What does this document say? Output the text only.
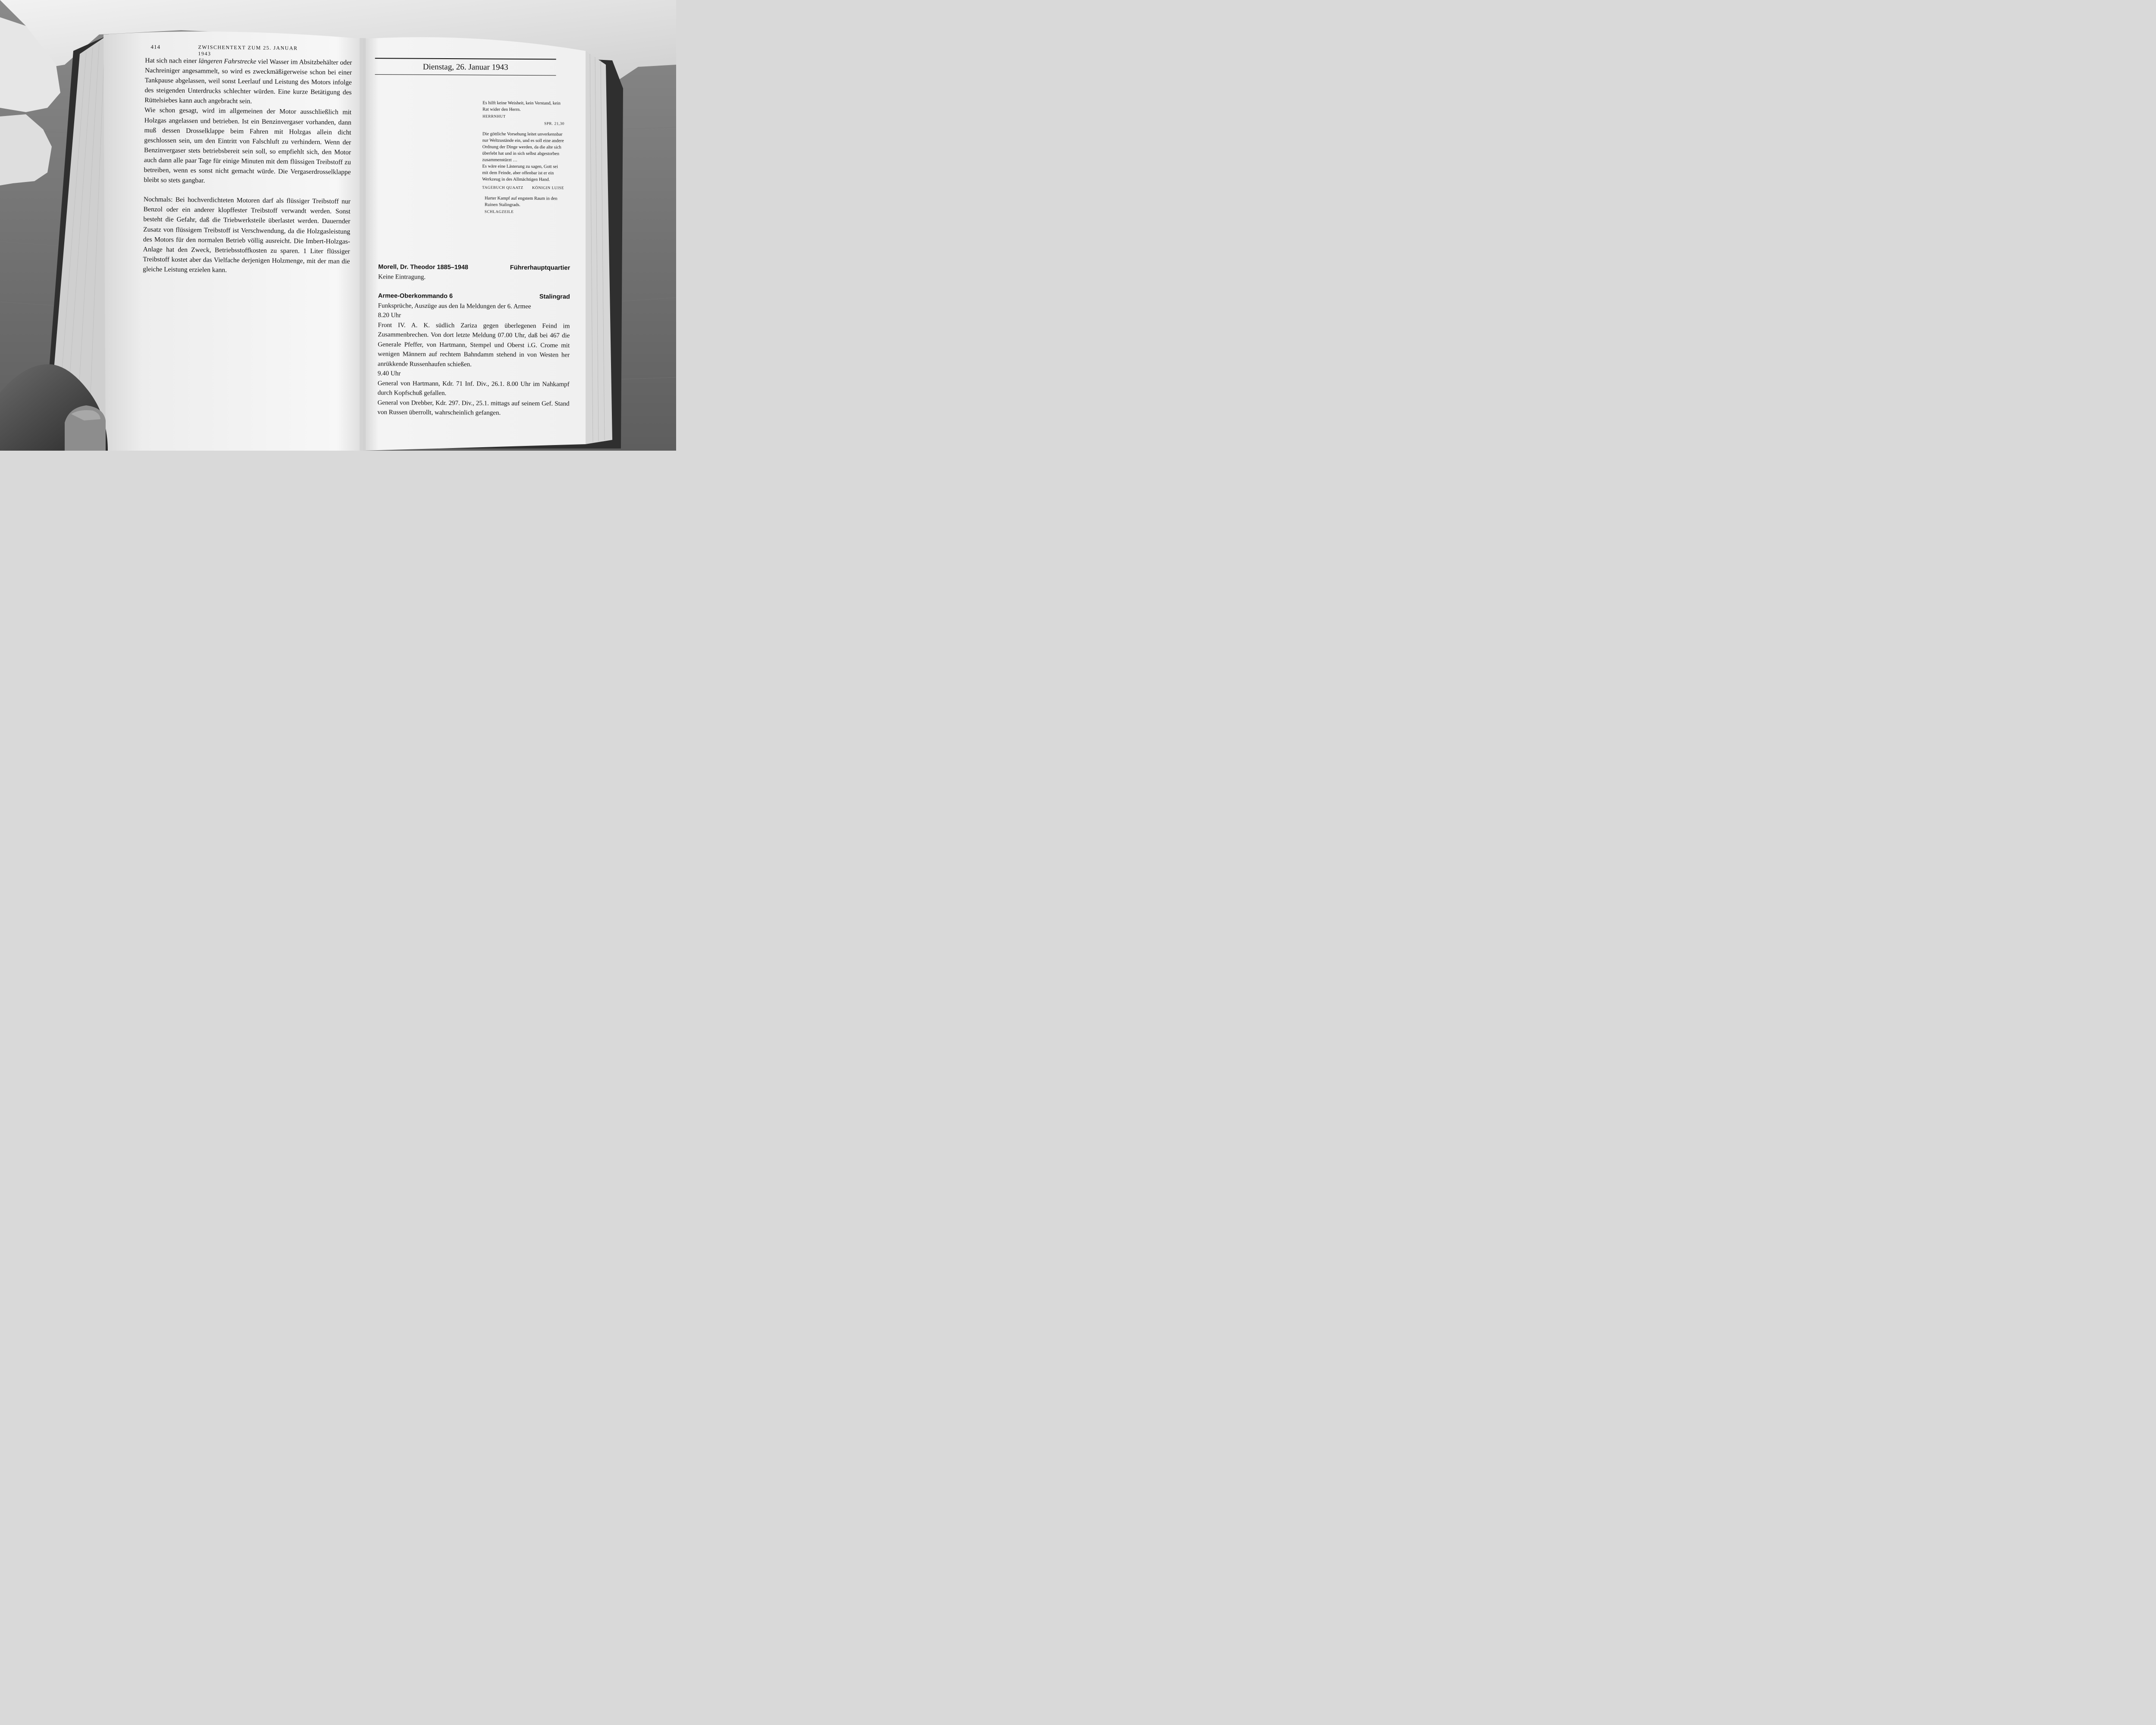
414	ZWISCHENTEXT ZUM 25. JANUAR 1943

Hat sich nach einer längeren Fahrstrecke viel Wasser im Absitzbehälter oder Nachreiniger angesammelt, so wird es zweckmäßigerweise schon bei einer Tankpause abgelassen, weil sonst Leerlauf und Leistung des Motors infolge des steigenden Unterdrucks schlechter würden. Eine kurze Betätigung des Rüttelsiebes kann auch angebracht sein.

Wie schon gesagt, wird im allgemeinen der Motor ausschließlich mit Holzgas angelassen und betrieben. Ist ein Benzinvergaser vorhanden, dann muß dessen Drosselklappe beim Fahren mit Holzgas allein dicht geschlossen sein, um den Eintritt von Falschluft zu verhindern. Wenn der Benzinvergaser stets betriebsbereit sein soll, so empfiehlt sich, den Motor auch dann alle paar Tage für einige Minuten mit dem flüssigen Treibstoff zu betreiben, wenn es sonst nicht gemacht würde. Die Vergaserdrosselklappe bleibt so stets gangbar.

Nochmals: Bei hochverdichteten Motoren darf als flüssiger Treibstoff nur Benzol oder ein anderer klopffester Treibstoff verwandt werden. Sonst besteht die Gefahr, daß die Triebwerksteile überlastet werden. Dauernder Zusatz von flüssigem Treibstoff ist Verschwendung, da die Holzgasleistung des Motors für den normalen Betrieb völlig ausreicht. Die Imbert-Holzgas-Anlage hat den Zweck, Betriebsstoffkosten zu sparen. 1 Liter flüssiger Treibstoff kostet aber das Vielfache derjenigen Holzmenge, mit der man die gleiche Leistung erzielen kann.

Dienstag, 26. Januar 1943

Es hilft keine Weisheit, kein Verstand, kein Rat wider den Herrn.

HERRNHUT

SPR. 21,30

Die göttliche Vorsehung leitet unverkennbar nur Weltzustände ein, und es soll eine andere Ordnung der Dinge werden, da die alte sich überlebt hat und in sich selbst abgestorben zusammenstürzt …

Es wäre eine Lästerung zu sagen, Gott sei mit dem Feinde, aber offenbar ist er ein Werkzeug in des Allmächtigen Hand.

TAGEBUCH QUAATZ KÖNIGIN LUISE

Harter Kampf auf engstem Raum in den Ruinen Stalingrads.

SCHLAGZEILE

Morell, Dr. Theodor 1885–1948	Führerhauptquartier

Keine Eintragung.

Armee-Oberkommando 6	Stalingrad

Funksprüche, Auszüge aus den Ia Meldungen der 6. Armee

8.20 Uhr

Front IV. A. K. südlich Zariza gegen überlegenen Feind im Zusammenbrechen. Von dort letzte Meldung 07.00 Uhr, daß bei 467 die Generale Pfeffer, von Hartmann, Stempel und Oberst i.G. Crome mit wenigen Männern auf rechtem Bahndamm stehend in von Westen her anrükkende Russenhaufen schießen.

9.40 Uhr

General von Hartmann, Kdr. 71 Inf. Div., 26.1. 8.00 Uhr im Nahkampf durch Kopfschuß gefallen.

General von Drebber, Kdr. 297. Div., 25.1. mittags auf seinem Gef. Stand von Russen überrollt, wahrscheinlich gefangen.
